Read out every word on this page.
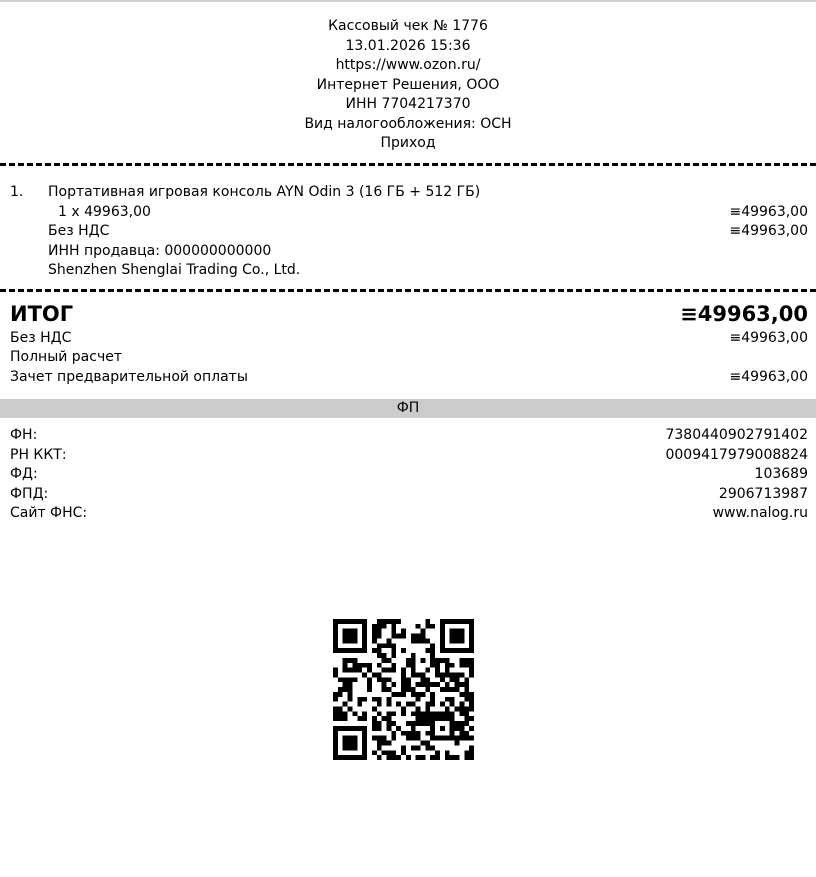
Кассовый чек № 1776
13.01.2026 15:36
https://www.ozon.ru/
Интернет Решения, ООО
ИНН 7704217370
Вид налогообложения: ОСН
Приход
1. Портативная игровая консоль AYN Odin 3 (16 ГБ + 512 ГБ)
1 x 49963,00	≡49963,00
Без НДС	≡49963,00
ИНН продавца: 000000000000
Shenzhen Shenglai Trading Co., Ltd.
ИТОГ	≡49963,00
Без НДС	≡49963,00
Полный расчет
Зачет предварительной оплаты	≡49963,00
ФП
ФН:	7380440902791402
РН ККТ:	0009417979008824
ФД:	103689
ФПД:	2906713987
Сайт ФНС:	www.nalog.ru
